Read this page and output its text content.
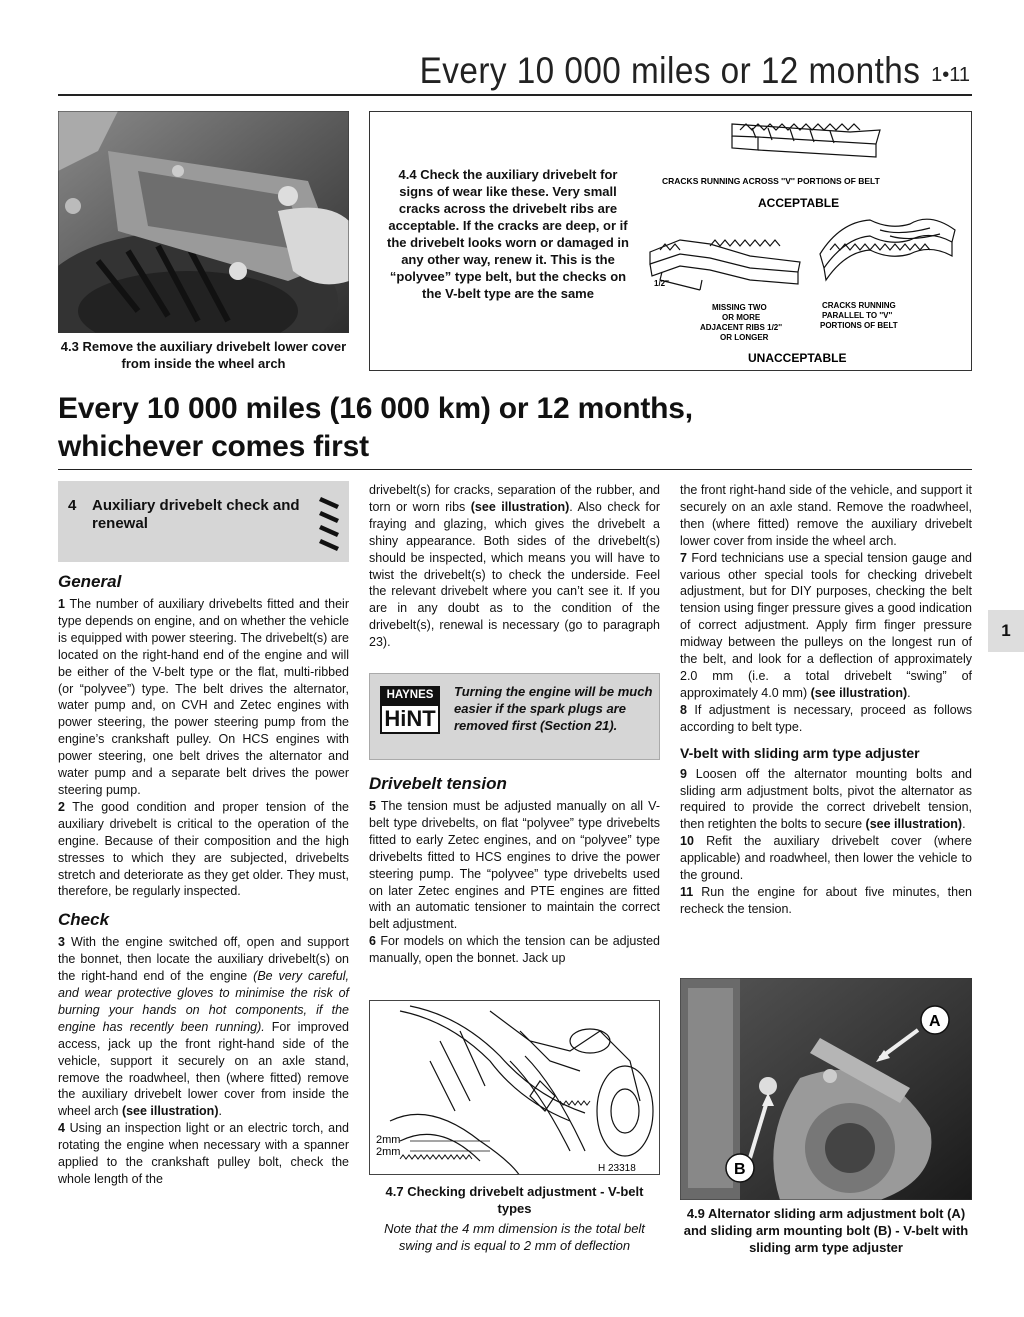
Every 10 000 miles or 12 months 1•11
4.3 Remove the auxiliary drivebelt lower cover from inside the wheel arch
4.4 Check the auxiliary drivebelt for signs of wear like these. Very small cracks across the drivebelt ribs are acceptable. If the cracks are deep, or if the drivebelt looks worn or damaged in any other way, renew it. This is the “polyvee” type belt, but the checks on the V-belt type are the same
CRACKS RUNNING ACROSS ''V'' PORTIONS OF BELT
ACCEPTABLE
1/2''
MISSING TWO
OR MORE
ADJACENT RIBS 1/2''
OR LONGER
CRACKS RUNNING
PARALLEL TO ''V''
PORTIONS OF BELT
UNACCEPTABLE
Every 10 000 miles (16 000 km) or 12 months,
whichever comes first
4 Auxiliary drivebelt check and renewal
General

1 The number of auxiliary drivebelts fitted and their type depends on engine, and on whether the vehicle is equipped with power steering. The drivebelt(s) are located on the right-hand end of the engine and will be either of the V-belt type or the flat, multi-ribbed (or “polyvee”) type. The belt drives the alternator, water pump and, on CVH and Zetec engines with power steering, the power steering pump from the engine’s crankshaft pulley. On HCS engines with power steering, one belt drives the alternator and water pump and a separate belt drives the power steering pump.

2 The good condition and proper tension of the auxiliary drivebelt is critical to the operation of the engine. Because of their composition and the high stresses to which they are subjected, drivebelts stretch and deteriorate as they get older. They must, therefore, be regularly inspected.

Check

3 With the engine switched off, open and support the bonnet, then locate the auxiliary drivebelt(s) on the right-hand end of the engine (Be very careful, and wear protective gloves to minimise the risk of burning your hands on hot components, if the engine has recently been running). For improved access, jack up the front right-hand side of the vehicle, support it securely on an axle stand, remove the roadwheel, then (where fitted) remove the auxiliary drivebelt lower cover from inside the wheel arch (see illustration).

4 Using an inspection light or an electric torch, and rotating the engine when necessary with a spanner applied to the crankshaft pulley bolt, check the whole length of the

drivebelt(s) for cracks, separation of the rubber, and torn or worn ribs (see illustration). Also check for fraying and glazing, which gives the drivebelt a shiny appearance. Both sides of the drivebelt(s) should be inspected, which means you will have to twist the drivebelt(s) to check the underside. Feel the relevant drivebelt where you can’t see it. If you are in any doubt as to the condition of the drivebelt(s), renewal is necessary (go to paragraph 23).

HAYNES
HiNT
Turning the engine will be much easier if the spark plugs are removed first (Section 21).
Drivebelt tension

5 The tension must be adjusted manually on all V-belt type drivebelts, on flat “polyvee” type drivebelts fitted to early Zetec engines, and on “polyvee” type drivebelts fitted to HCS engines to drive the power steering pump. The “polyvee” type drivebelts used on later Zetec engines and PTE engines are fitted with an automatic tensioner to maintain the correct belt adjustment.

6 For models on which the tension can be adjusted manually, open the bonnet. Jack up

2mm
2mm
H 23318
4.7 Checking drivebelt adjustment - V-belt types
Note that the 4 mm dimension is the total belt swing and is equal to 2 mm of deflection
1

the front right-hand side of the vehicle, and support it securely on an axle stand. Remove the roadwheel, then (where fitted) remove the auxiliary drivebelt lower cover from inside the wheel arch.

7 Ford technicians use a special tension gauge and various other special tools for checking drivebelt adjustment, but for DIY purposes, checking the belt tension using finger pressure gives a good indication of correct adjustment. Apply firm finger pressure midway between the pulleys on the longest run of the belt, and look for a deflection of approximately 2.0 mm (i.e. a total drivebelt “swing” of approximately 4.0 mm) (see illustration).

8 If adjustment is necessary, proceed as follows according to belt type.

V-belt with sliding arm type adjuster

9 Loosen off the alternator mounting bolts and sliding arm adjustment bolts, pivot the alternator as required to provide the correct drivebelt tension, then retighten the bolts to secure (see illustration).

10 Refit the auxiliary drivebelt cover (where applicable) and roadwheel, then lower the vehicle to the ground.

11 Run the engine for about five minutes, then recheck the tension.

A
B
4.9 Alternator sliding arm adjustment bolt (A) and sliding arm mounting bolt (B) - V-belt with sliding arm type adjuster
